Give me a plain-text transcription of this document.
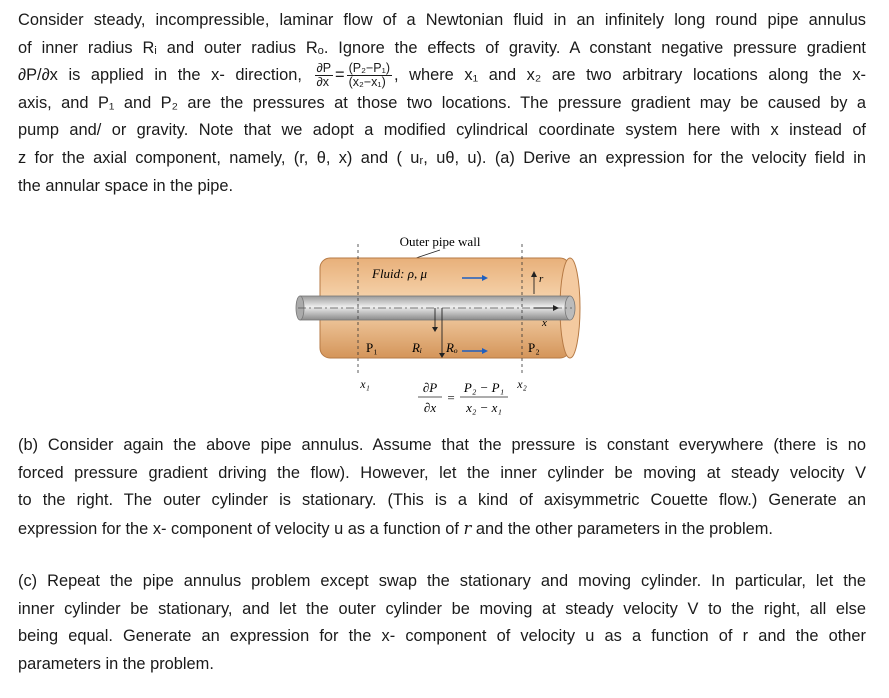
Consider steady, incompressible, laminar flow of a Newtonian fluid in an infinitely long round pipe annulus
of inner radius Rᵢ and outer radius Rₒ. Ignore the effects of gravity. A constant negative pressure gradient
∂P/∂x is applied in the x- direction, $\frac{\partial P}{\partial x} = \frac{\text{(P₂−P₁)}}{\text{(x₂−x₁)}}$ , where x₁ and x₂ are two arbitrary locations along the x-
axis, and P₁ and P₂ are the pressures at those two locations. The pressure gradient may be caused by a
pump and/ or gravity. Note that we adopt a modified cylindrical coordinate system here with x instead of
z for the axial component, namely, (r, θ, x) and ( uᵣ, uθ, u). (a) Derive an expression for the velocity field in
the annular space in the pipe.
Outer pipe wall
Fluid: ρ, μ	r
x
P₁	Rᵢ Rₒ	P₂
x₁	x₂
∂P
∂x
=
P₂ − P₁
x₂ − x₁
(b) Consider again the above pipe annulus. Assume that the pressure is constant everywhere (there is no
forced pressure gradient driving the flow). However, let the inner cylinder be moving at steady velocity V
to the right. The outer cylinder is stationary. (This is a kind of axisymmetric Couette flow.) Generate an
expression for the x- component of velocity u as a function of r and the other parameters in the problem.
(c) Repeat the pipe annulus problem except swap the stationary and moving cylinder. In particular, let the
inner cylinder be stationary, and let the outer cylinder be moving at steady velocity V to the right, all else
being equal. Generate an expression for the x- component of velocity u as a function of r and the other
parameters in the problem.
